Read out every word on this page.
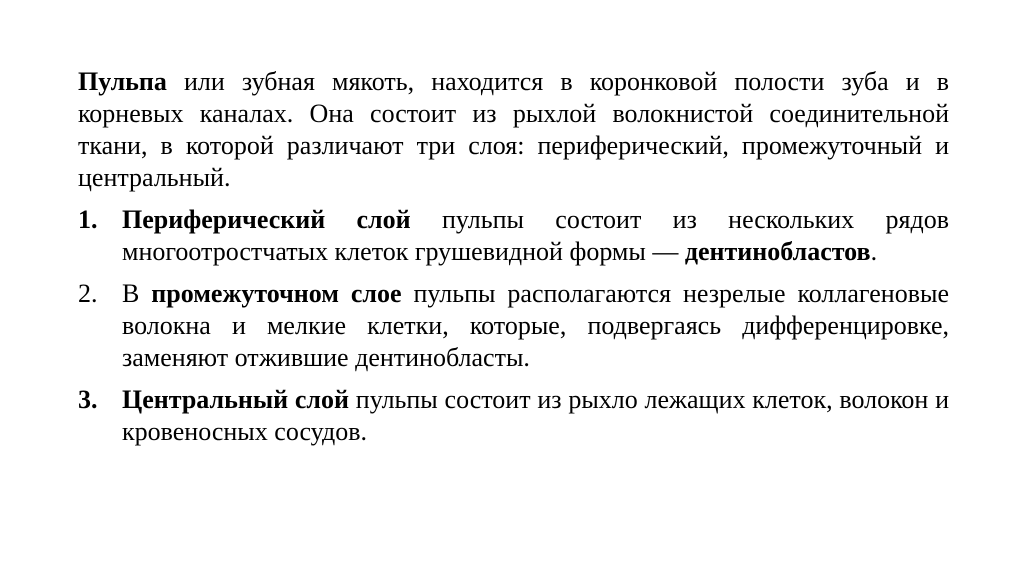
Пульпа или зубная мякоть, находится в коронковой полости зуба и в корневых каналах. Она состоит из рыхлой волокнистой соединительной ткани, в которой различают три слоя: периферический, промежуточный и центральный.

1. Периферический слой пульпы состоит из нескольких рядов многоотростчатых клеток грушевидной формы — дентинобластов.
2. В промежуточном слое пульпы располагаются незрелые коллагеновые волокна и мелкие клетки, которые, подвергаясь дифференцировке, заменяют отжившие дентинобласты.
3. Центральный слой пульпы состоит из рыхло лежащих клеток, волокон и кровеносных сосудов.
